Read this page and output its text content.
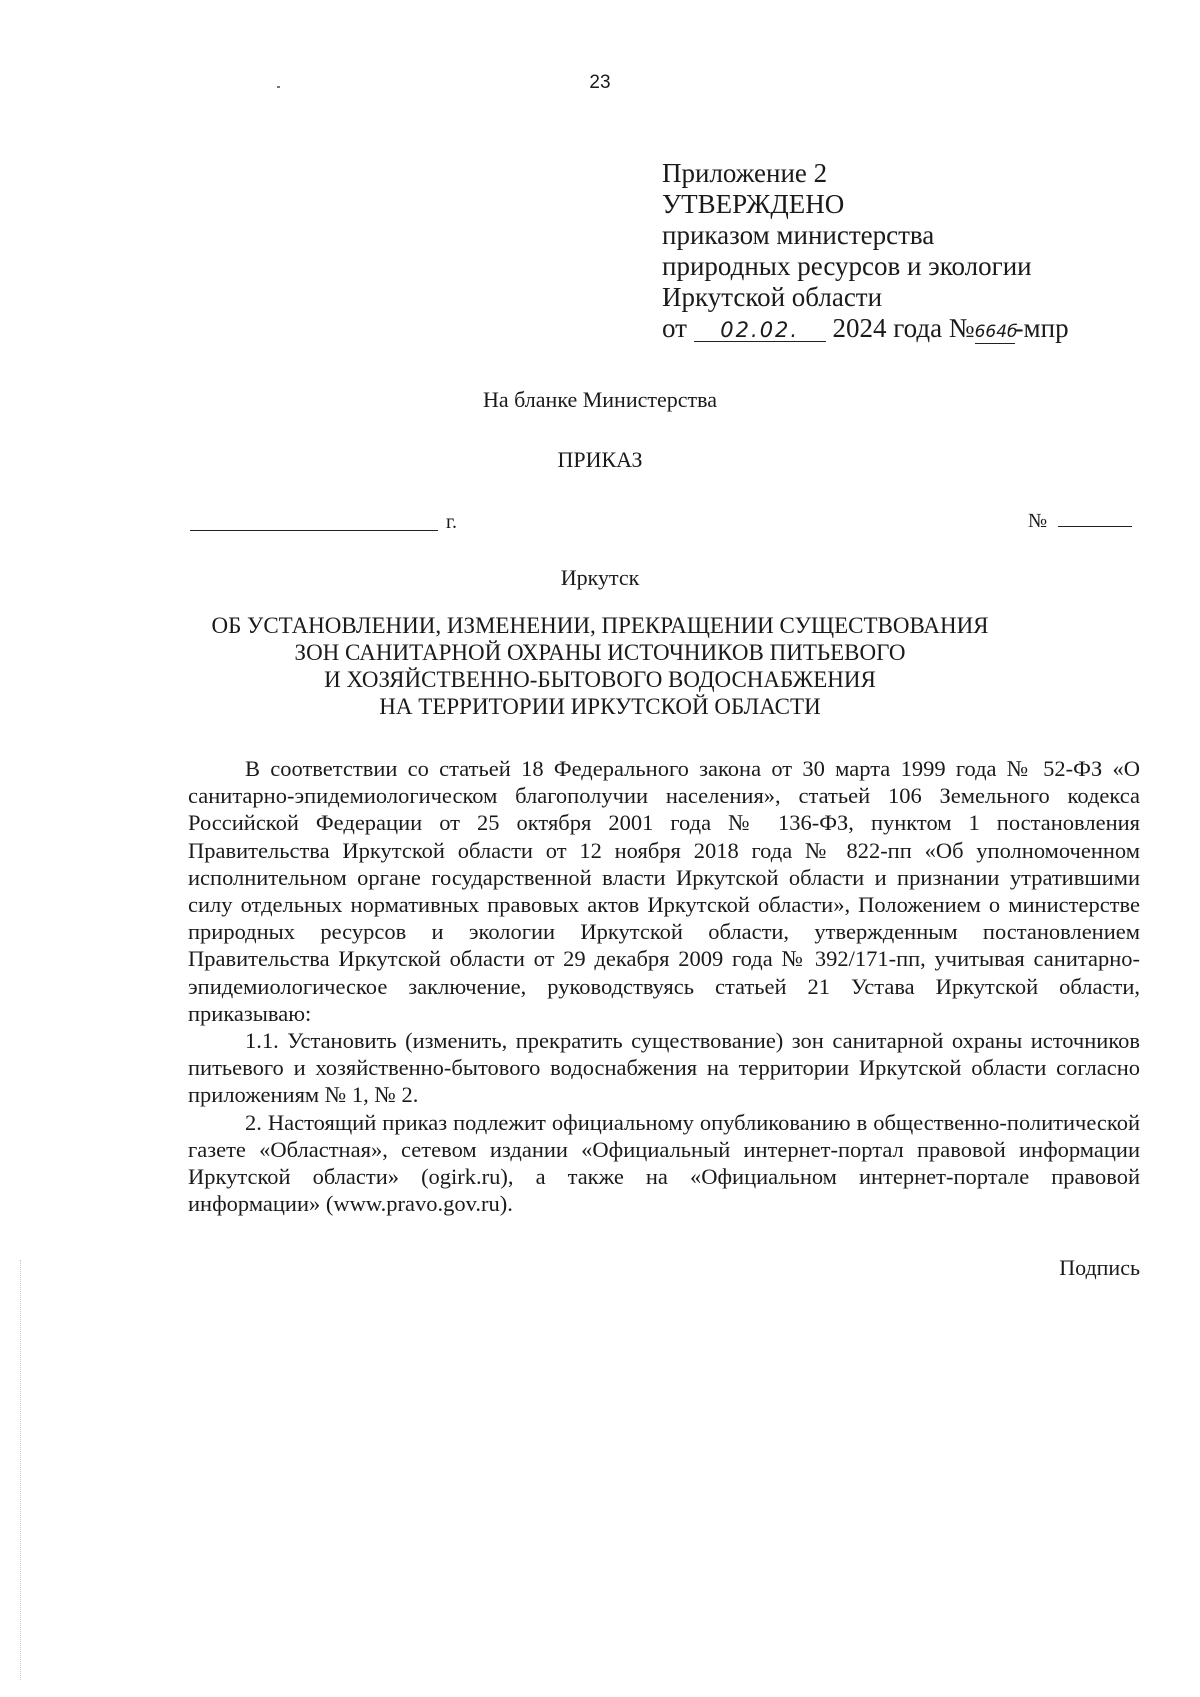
23
Приложение 2
УТВЕРЖДЕНО
приказом министерства
природных ресурсов и экологии
Иркутской области
от 02.02. 2024 года №664б-мпр
На бланке Министерства
ПРИКАЗ
г.	№
Иркутск
ОБ УСТАНОВЛЕНИИ, ИЗМЕНЕНИИ, ПРЕКРАЩЕНИИ СУЩЕСТВОВАНИЯ
ЗОН САНИТАРНОЙ ОХРАНЫ ИСТОЧНИКОВ ПИТЬЕВОГО
И ХОЗЯЙСТВЕННО-БЫТОВОГО ВОДОСНАБЖЕНИЯ
НА ТЕРРИТОРИИ ИРКУТСКОЙ ОБЛАСТИ

В соответствии со статьей 18 Федерального закона от 30 марта 1999 года № 52-ФЗ «О санитарно-эпидемиологическом благополучии населения», статьей 106 Земельного кодекса Российской Федерации от 25 октября 2001 года № 136-ФЗ, пунктом 1 постановления Правительства Иркутской области от 12 ноября 2018 года № 822-пп «Об уполномоченном исполнительном органе государственной власти Иркутской области и признании утратившими силу отдельных нормативных правовых актов Иркутской области», Положением о министерстве природных ресурсов и экологии Иркутской области, утвержденным постановлением Правительства Иркутской области от 29 декабря 2009 года № 392/171-пп, учитывая санитарно-эпидемиологическое заключение, руководствуясь статьей 21 Устава Иркутской области, приказываю:

1.1. Установить (изменить, прекратить существование) зон санитарной охраны источников питьевого и хозяйственно-бытового водоснабжения на территории Иркутской области согласно приложениям № 1, № 2.

2. Настоящий приказ подлежит официальному опубликованию в общественно-политической газете «Областная», сетевом издании «Официальный интернет-портал правовой информации Иркутской области» (ogirk.ru), а также на «Официальном интернет-портале правовой информации» (www.pravo.gov.ru).

Подпись
